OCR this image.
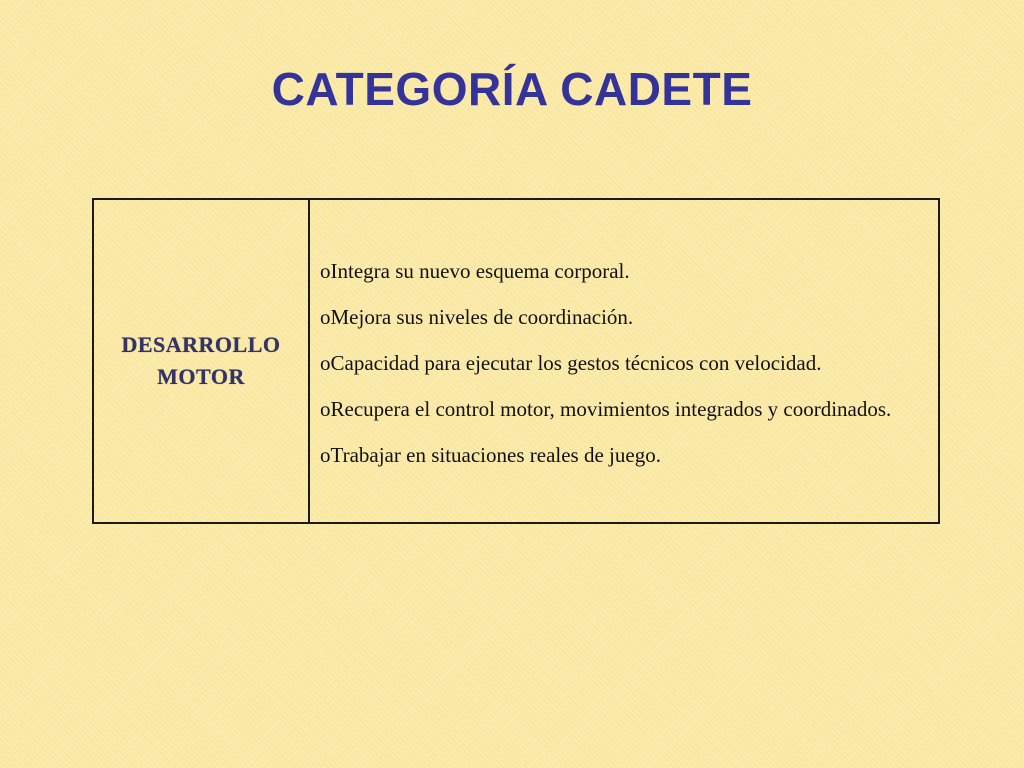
CATEGORÍA CADETE
DESARROLLO
MOTOR

oIntegra su nuevo esquema corporal.
oMejora sus niveles de coordinación.
oCapacidad para ejecutar los gestos técnicos con velocidad.
oRecupera el control motor, movimientos integrados y coordinados.
oTrabajar en situaciones reales de juego.
